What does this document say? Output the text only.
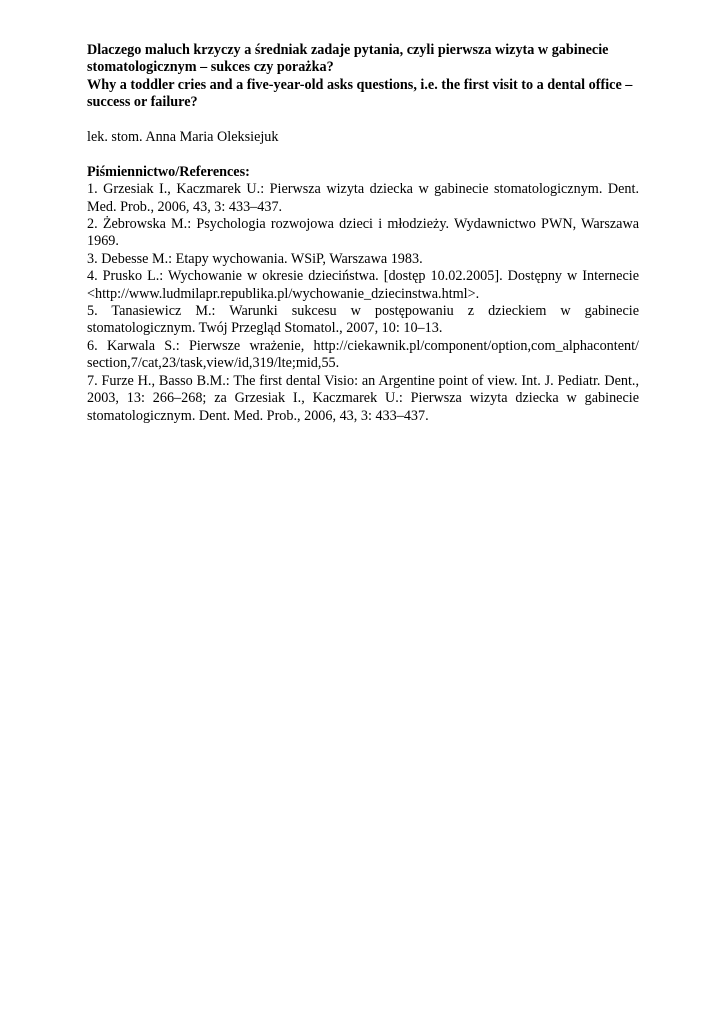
Dlaczego maluch krzyczy a średniak zadaje pytania, czyli pierwsza wizyta w gabinecie stomatologicznym – sukces czy porażka?
Why a toddler cries and a five-year-old asks questions, i.e. the first visit to a dental office – success or failure?

lek. stom. Anna Maria Oleksiejuk

Piśmiennictwo/References:

1. Grzesiak I., Kaczmarek U.: Pierwsza wizyta dziecka w gabinecie stomatologicznym. Dent. Med. Prob., 2006, 43, 3: 433–437.
2. Żebrowska M.: Psychologia rozwojowa dzieci i młodzieży. Wydawnictwo PWN, Warszawa 1969.
3. Debesse M.: Etapy wychowania. WSiP, Warszawa 1983.
4. Prusko L.: Wychowanie w okresie dzieciństwa. [dostęp 10.02.2005]. Dostępny w Internecie <http://www.ludmilapr.republika.pl/wychowanie_dziecinstwa.html>.
5. Tanasiewicz M.: Warunki sukcesu w postępowaniu z dzieckiem w gabinecie stomatologicznym. Twój Przegląd Stomatol., 2007, 10: 10–13.
6. Karwala S.: Pierwsze wrażenie, http://ciekawnik.pl/component/option,com_alphacontent/ section,7/cat,23/task,view/id,319/lte;mid,55.
7. Furze H., Basso B.M.: The first dental Visio: an Argentine point of view. Int. J. Pediatr. Dent., 2003, 13: 266–268; za Grzesiak I., Kaczmarek U.: Pierwsza wizyta dziecka w gabinecie stomatologicznym. Dent. Med. Prob., 2006, 43, 3: 433–437.
